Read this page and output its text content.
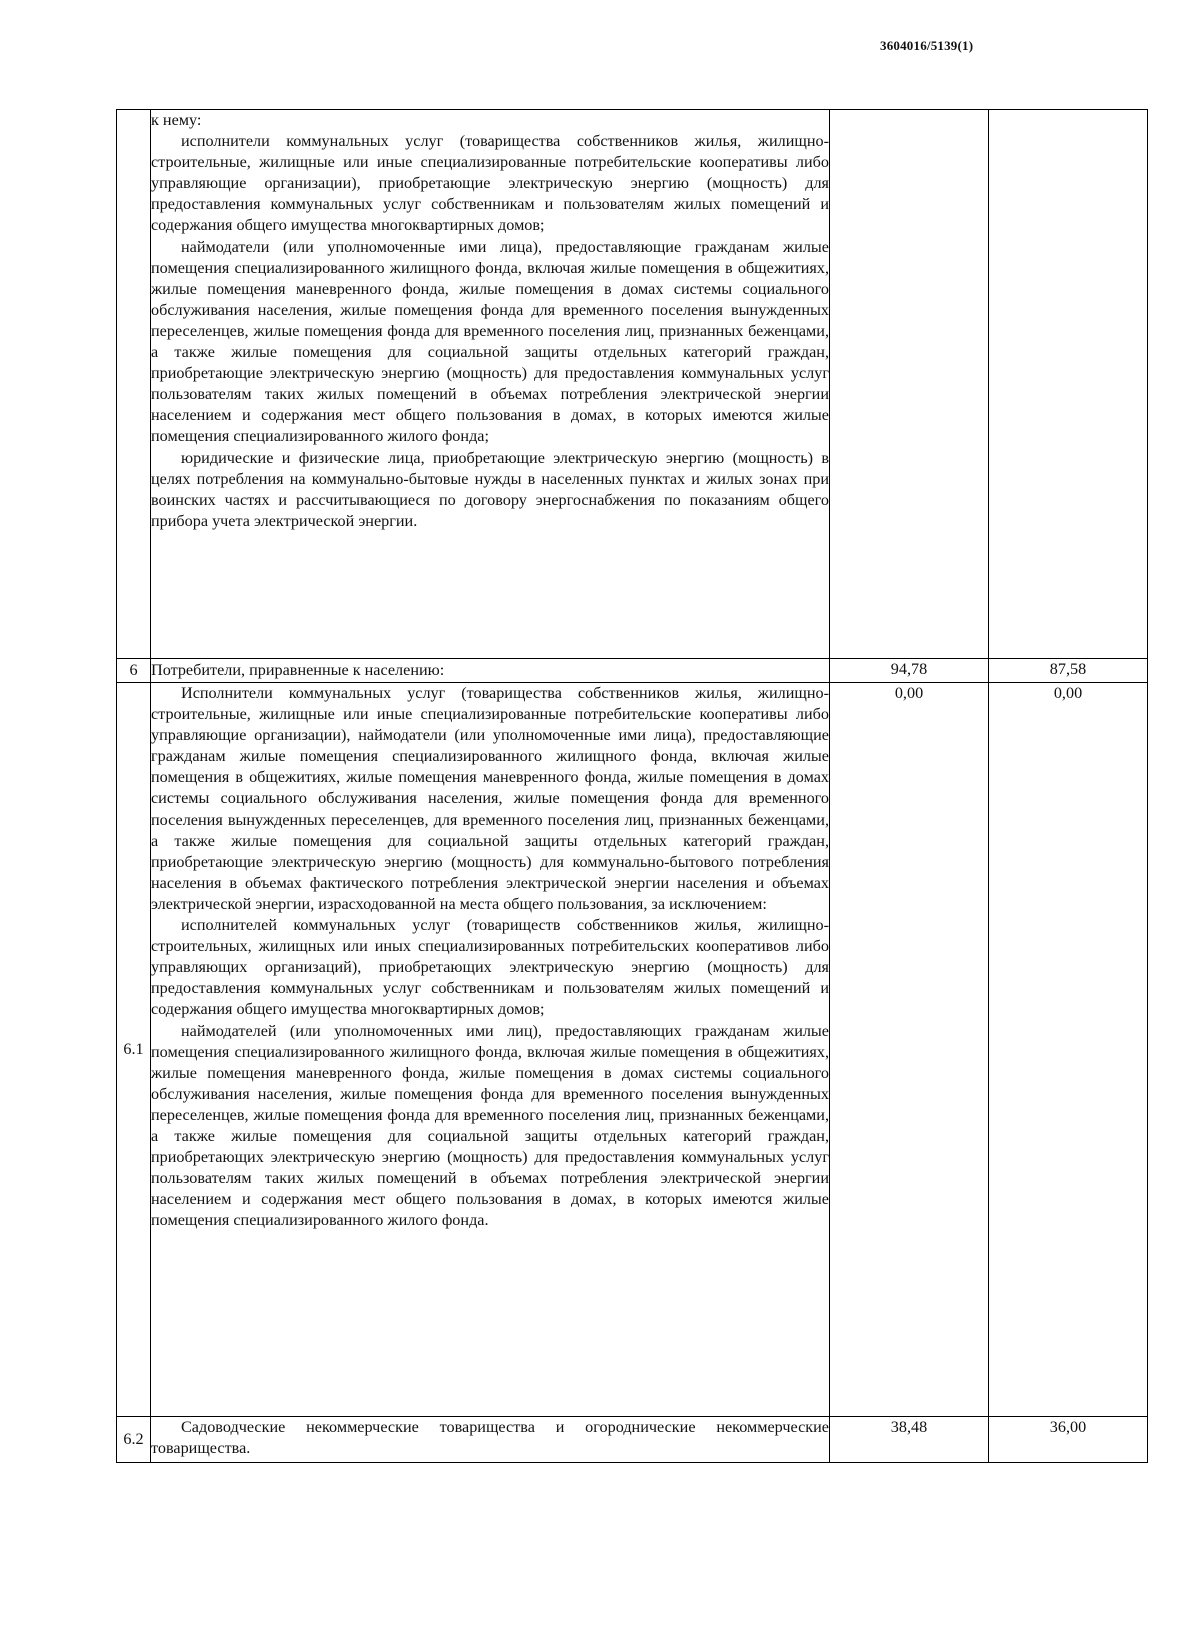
3604016/5139(1)

	к нему:

исполнители коммунальных услуг (товарищества собственников жилья, жилищно-строительные, жилищные или иные специализированные потребительские кооперативы либо управляющие организации), приобретающие электрическую энергию (мощность) для предоставления коммунальных услуг собственникам и пользователям жилых помещений и содержания общего имущества многоквартирных домов;

наймодатели (или уполномоченные ими лица), предоставляющие гражданам жилые помещения специализированного жилищного фонда, включая жилые помещения в общежитиях, жилые помещения маневренного фонда, жилые помещения в домах системы социального обслуживания населения, жилые помещения фонда для временного поселения вынужденных переселенцев, жилые помещения фонда для временного поселения лиц, признанных беженцами, а также жилые помещения для социальной защиты отдельных категорий граждан, приобретающие электрическую энергию (мощность) для предоставления коммунальных услуг пользователям таких жилых помещений в объемах потребления электрической энергии населением и содержания мест общего пользования в домах, в которых имеются жилые помещения специализированного жилого фонда;

юридические и физические лица, приобретающие электрическую энергию (мощность) в целях потребления на коммунально-бытовые нужды в населенных пунктах и жилых зонах при воинских частях и рассчитывающиеся по договору энергоснабжения по показаниям общего прибора учета электрической энергии.		

6	Потребители, приравненные к населению:	94,78	87,58
6.1	Исполнители коммунальных услуг (товарищества собственников жилья, жилищно-строительные, жилищные или иные специализированные потребительские кооперативы либо управляющие организации), наймодатели (или уполномоченные ими лица), предоставляющие гражданам жилые помещения специализированного жилищного фонда, включая жилые помещения в общежитиях, жилые помещения маневренного фонда, жилые помещения в домах системы социального обслуживания населения, жилые помещения фонда для временного поселения вынужденных переселенцев, для временного поселения лиц, признанных беженцами, а также жилые помещения для социальной защиты отдельных категорий граждан, приобретающие электрическую энергию (мощность) для коммунально-бытового потребления населения в объемах фактического потребления электрической энергии населения и объемах электрической энергии, израсходованной на места общего пользования, за исключением:

исполнителей коммунальных услуг (товариществ собственников жилья, жилищно-строительных, жилищных или иных специализированных потребительских кооперативов либо управляющих организаций), приобретающих электрическую энергию (мощность) для предоставления коммунальных услуг собственникам и пользователям жилых помещений и содержания общего имущества многоквартирных домов;

наймодателей (или уполномоченных ими лиц), предоставляющих гражданам жилые помещения специализированного жилищного фонда, включая жилые помещения в общежитиях, жилые помещения маневренного фонда, жилые помещения в домах системы социального обслуживания населения, жилые помещения фонда для временного поселения вынужденных переселенцев, жилые помещения фонда для временного поселения лиц, признанных беженцами, а также жилые помещения для социальной защиты отдельных категорий граждан, приобретающих электрическую энергию (мощность) для предоставления коммунальных услуг пользователям таких жилых помещений в объемах потребления электрической энергии населением и содержания мест общего пользования в домах, в которых имеются жилые помещения специализированного жилого фонда.	0,00	0,00
6.2	Садоводческие некоммерческие товарищества и огороднические некоммерческие товарищества.	38,48	36,00
